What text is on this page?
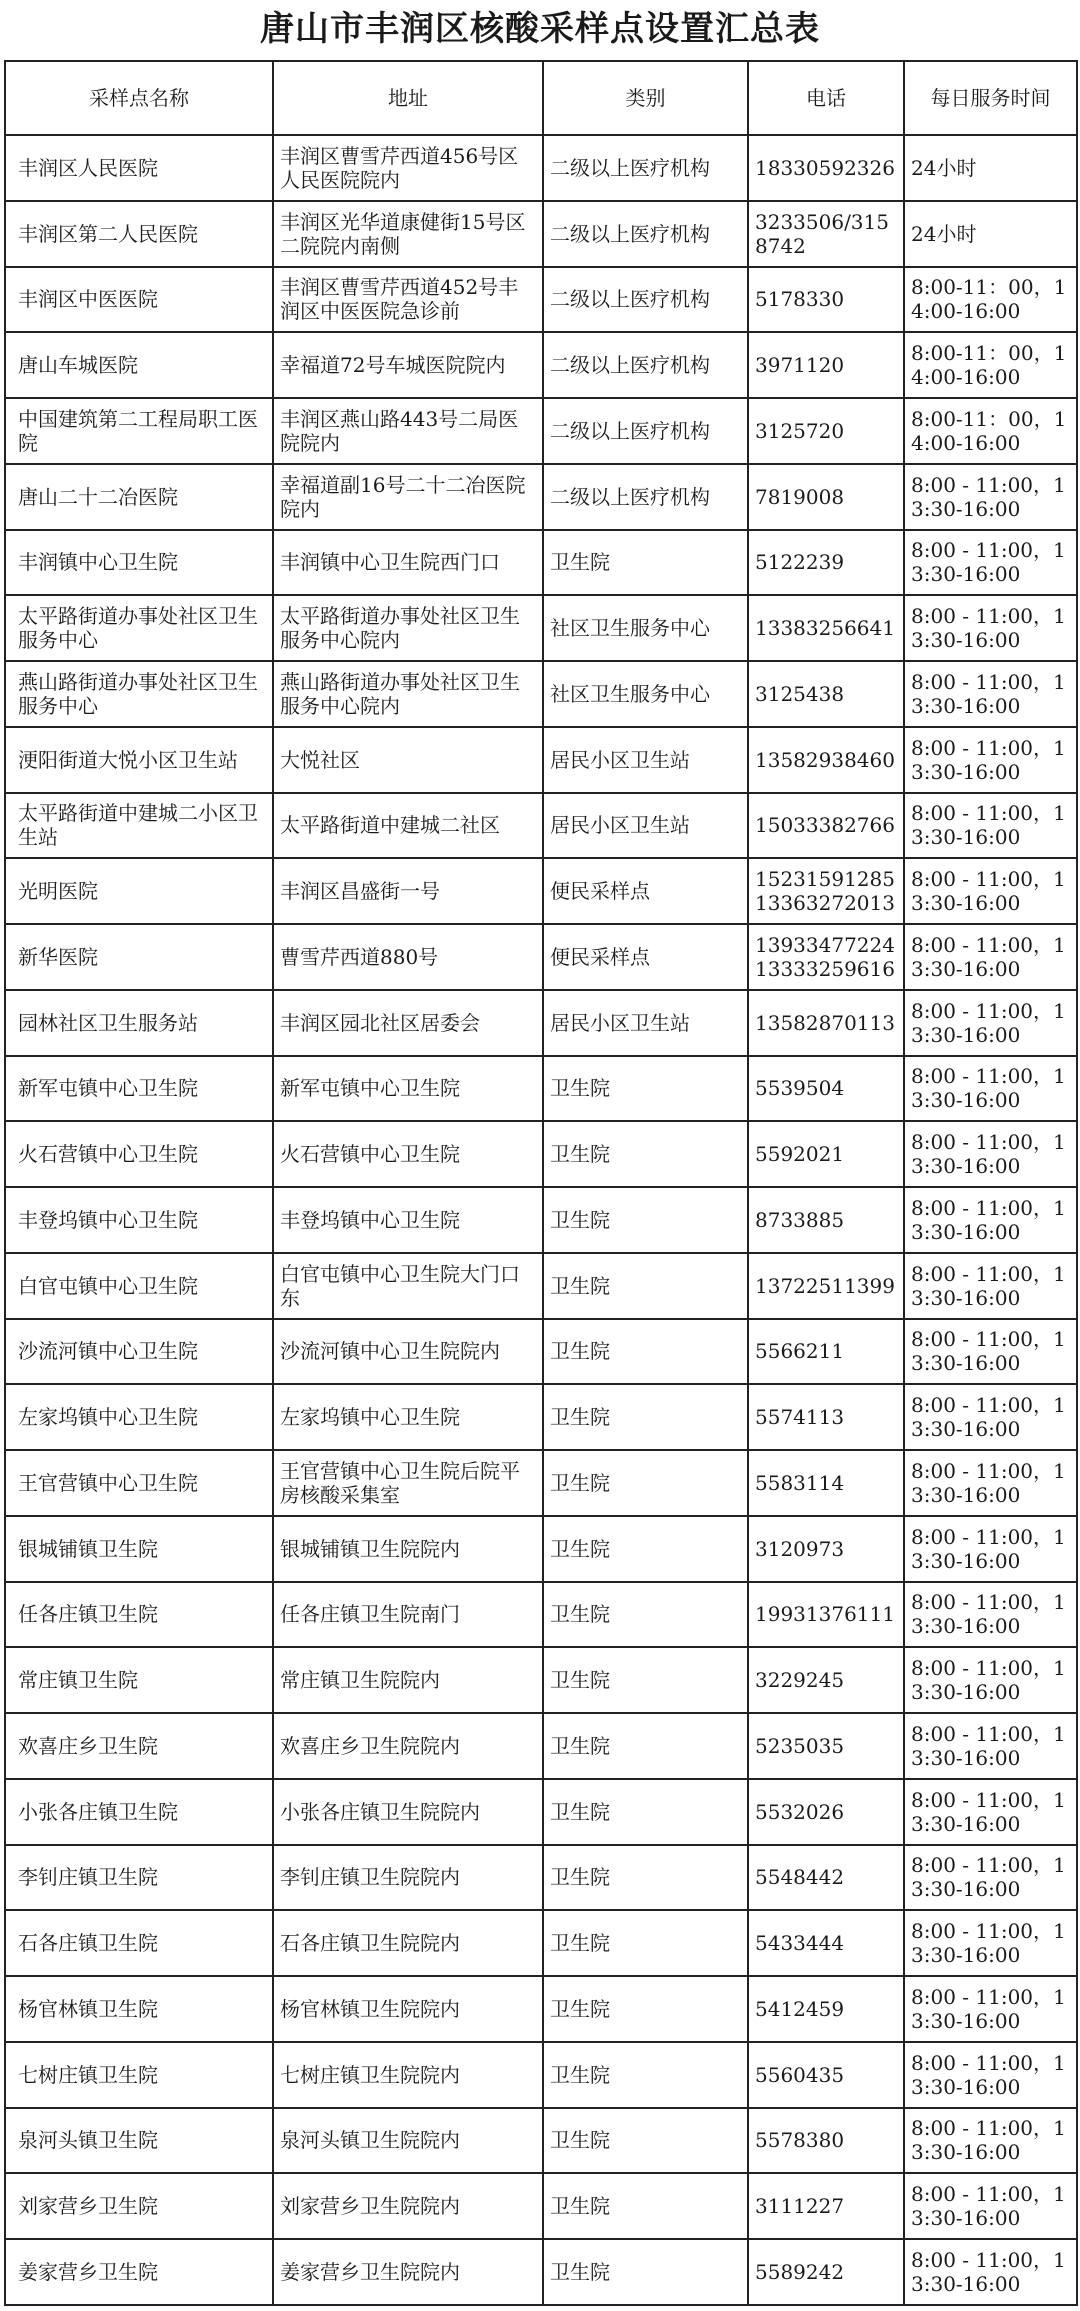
唐山市丰润区核酸采样点设置汇总表
采样点名称	地址	类别	电话	每日服务时间
丰润区人民医院	丰润区曹雪芹西道456号区人民医院院内	二级以上医疗机构	18330592326	24小时
丰润区第二人民医院	丰润区光华道康健街15号区二院院内南侧	二级以上医疗机构	3233506/3158742	24小时
丰润区中医医院	丰润区曹雪芹西道452号丰润区中医医院急诊前	二级以上医疗机构	5178330	8:00-11：00，14:00-16:00
唐山车城医院	幸福道72号车城医院院内	二级以上医疗机构	3971120	8:00-11：00，14:00-16:00
中国建筑第二工程局职工医院	丰润区燕山路443号二局医院院内	二级以上医疗机构	3125720	8:00-11：00，14:00-16:00
唐山二十二冶医院	幸福道副16号二十二冶医院院内	二级以上医疗机构	7819008	8:00 - 11:00，13:30-16:00
丰润镇中心卫生院	丰润镇中心卫生院西门口	卫生院	5122239	8:00 - 11:00，13:30-16:00
太平路街道办事处社区卫生服务中心	太平路街道办事处社区卫生服务中心院内	社区卫生服务中心	13383256641	8:00 - 11:00，13:30-16:00
燕山路街道办事处社区卫生服务中心	燕山路街道办事处社区卫生服务中心院内	社区卫生服务中心	3125438	8:00 - 11:00，13:30-16:00
浭阳街道大悦小区卫生站	大悦社区	居民小区卫生站	13582938460	8:00 - 11:00，13:30-16:00
太平路街道中建城二小区卫生站	太平路街道中建城二社区	居民小区卫生站	15033382766	8:00 - 11:00，13:30-16:00
光明医院	丰润区昌盛街一号	便民采样点	15231591285 13363272013	8:00 - 11:00，13:30-16:00
新华医院	曹雪芹西道880号	便民采样点	13933477224 13333259616	8:00 - 11:00，13:30-16:00
园林社区卫生服务站	丰润区园北社区居委会	居民小区卫生站	13582870113	8:00 - 11:00，13:30-16:00
新军屯镇中心卫生院	新军屯镇中心卫生院	卫生院	5539504	8:00 - 11:00，13:30-16:00
火石营镇中心卫生院	火石营镇中心卫生院	卫生院	5592021	8:00 - 11:00，13:30-16:00
丰登坞镇中心卫生院	丰登坞镇中心卫生院	卫生院	8733885	8:00 - 11:00，13:30-16:00
白官屯镇中心卫生院	白官屯镇中心卫生院大门口东	卫生院	13722511399	8:00 - 11:00，13:30-16:00
沙流河镇中心卫生院	沙流河镇中心卫生院院内	卫生院	5566211	8:00 - 11:00，13:30-16:00
左家坞镇中心卫生院	左家坞镇中心卫生院	卫生院	5574113	8:00 - 11:00，13:30-16:00
王官营镇中心卫生院	王官营镇中心卫生院后院平房核酸采集室	卫生院	5583114	8:00 - 11:00，13:30-16:00
银城铺镇卫生院	银城铺镇卫生院院内	卫生院	3120973	8:00 - 11:00，13:30-16:00
任各庄镇卫生院	任各庄镇卫生院南门	卫生院	19931376111	8:00 - 11:00，13:30-16:00
常庄镇卫生院	常庄镇卫生院院内	卫生院	3229245	8:00 - 11:00，13:30-16:00
欢喜庄乡卫生院	欢喜庄乡卫生院院内	卫生院	5235035	8:00 - 11:00，13:30-16:00
小张各庄镇卫生院	小张各庄镇卫生院院内	卫生院	5532026	8:00 - 11:00，13:30-16:00
李钊庄镇卫生院	李钊庄镇卫生院院内	卫生院	5548442	8:00 - 11:00，13:30-16:00
石各庄镇卫生院	石各庄镇卫生院院内	卫生院	5433444	8:00 - 11:00，13:30-16:00
杨官林镇卫生院	杨官林镇卫生院院内	卫生院	5412459	8:00 - 11:00，13:30-16:00
七树庄镇卫生院	七树庄镇卫生院院内	卫生院	5560435	8:00 - 11:00，13:30-16:00
泉河头镇卫生院	泉河头镇卫生院院内	卫生院	5578380	8:00 - 11:00，13:30-16:00
刘家营乡卫生院	刘家营乡卫生院院内	卫生院	3111227	8:00 - 11:00，13:30-16:00
姜家营乡卫生院	姜家营乡卫生院院内	卫生院	5589242	8:00 - 11:00，13:30-16:00
